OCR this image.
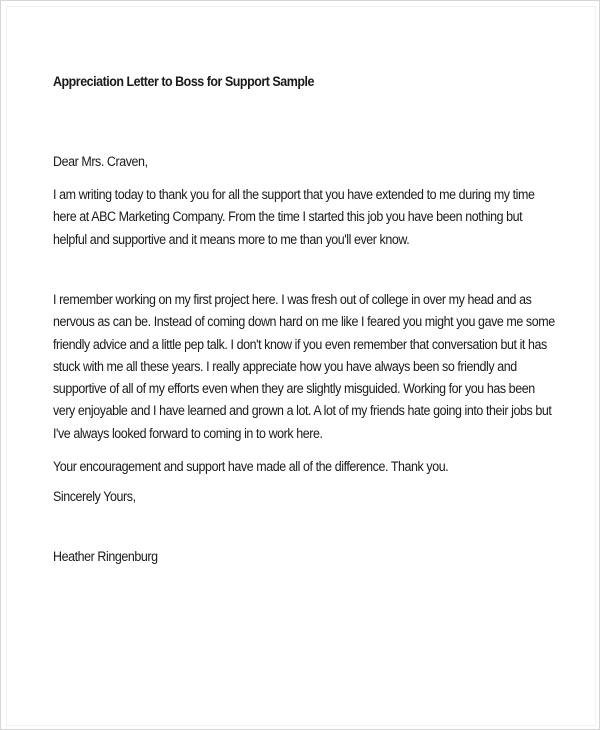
Appreciation Letter to Boss for Support Sample
Dear Mrs. Craven,
I am writing today to thank you for all the support that you have extended to me during my time
here at ABC Marketing Company. From the time I started this job you have been nothing but
helpful and supportive and it means more to me than you'll ever know.
I remember working on my first project here. I was fresh out of college in over my head and as
nervous as can be. Instead of coming down hard on me like I feared you might you gave me some
friendly advice and a little pep talk. I don't know if you even remember that conversation but it has
stuck with me all these years. I really appreciate how you have always been so friendly and
supportive of all of my efforts even when they are slightly misguided. Working for you has been
very enjoyable and I have learned and grown a lot. A lot of my friends hate going into their jobs but
I've always looked forward to coming in to work here.
Your encouragement and support have made all of the difference. Thank you.
Sincerely Yours,
Heather Ringenburg
